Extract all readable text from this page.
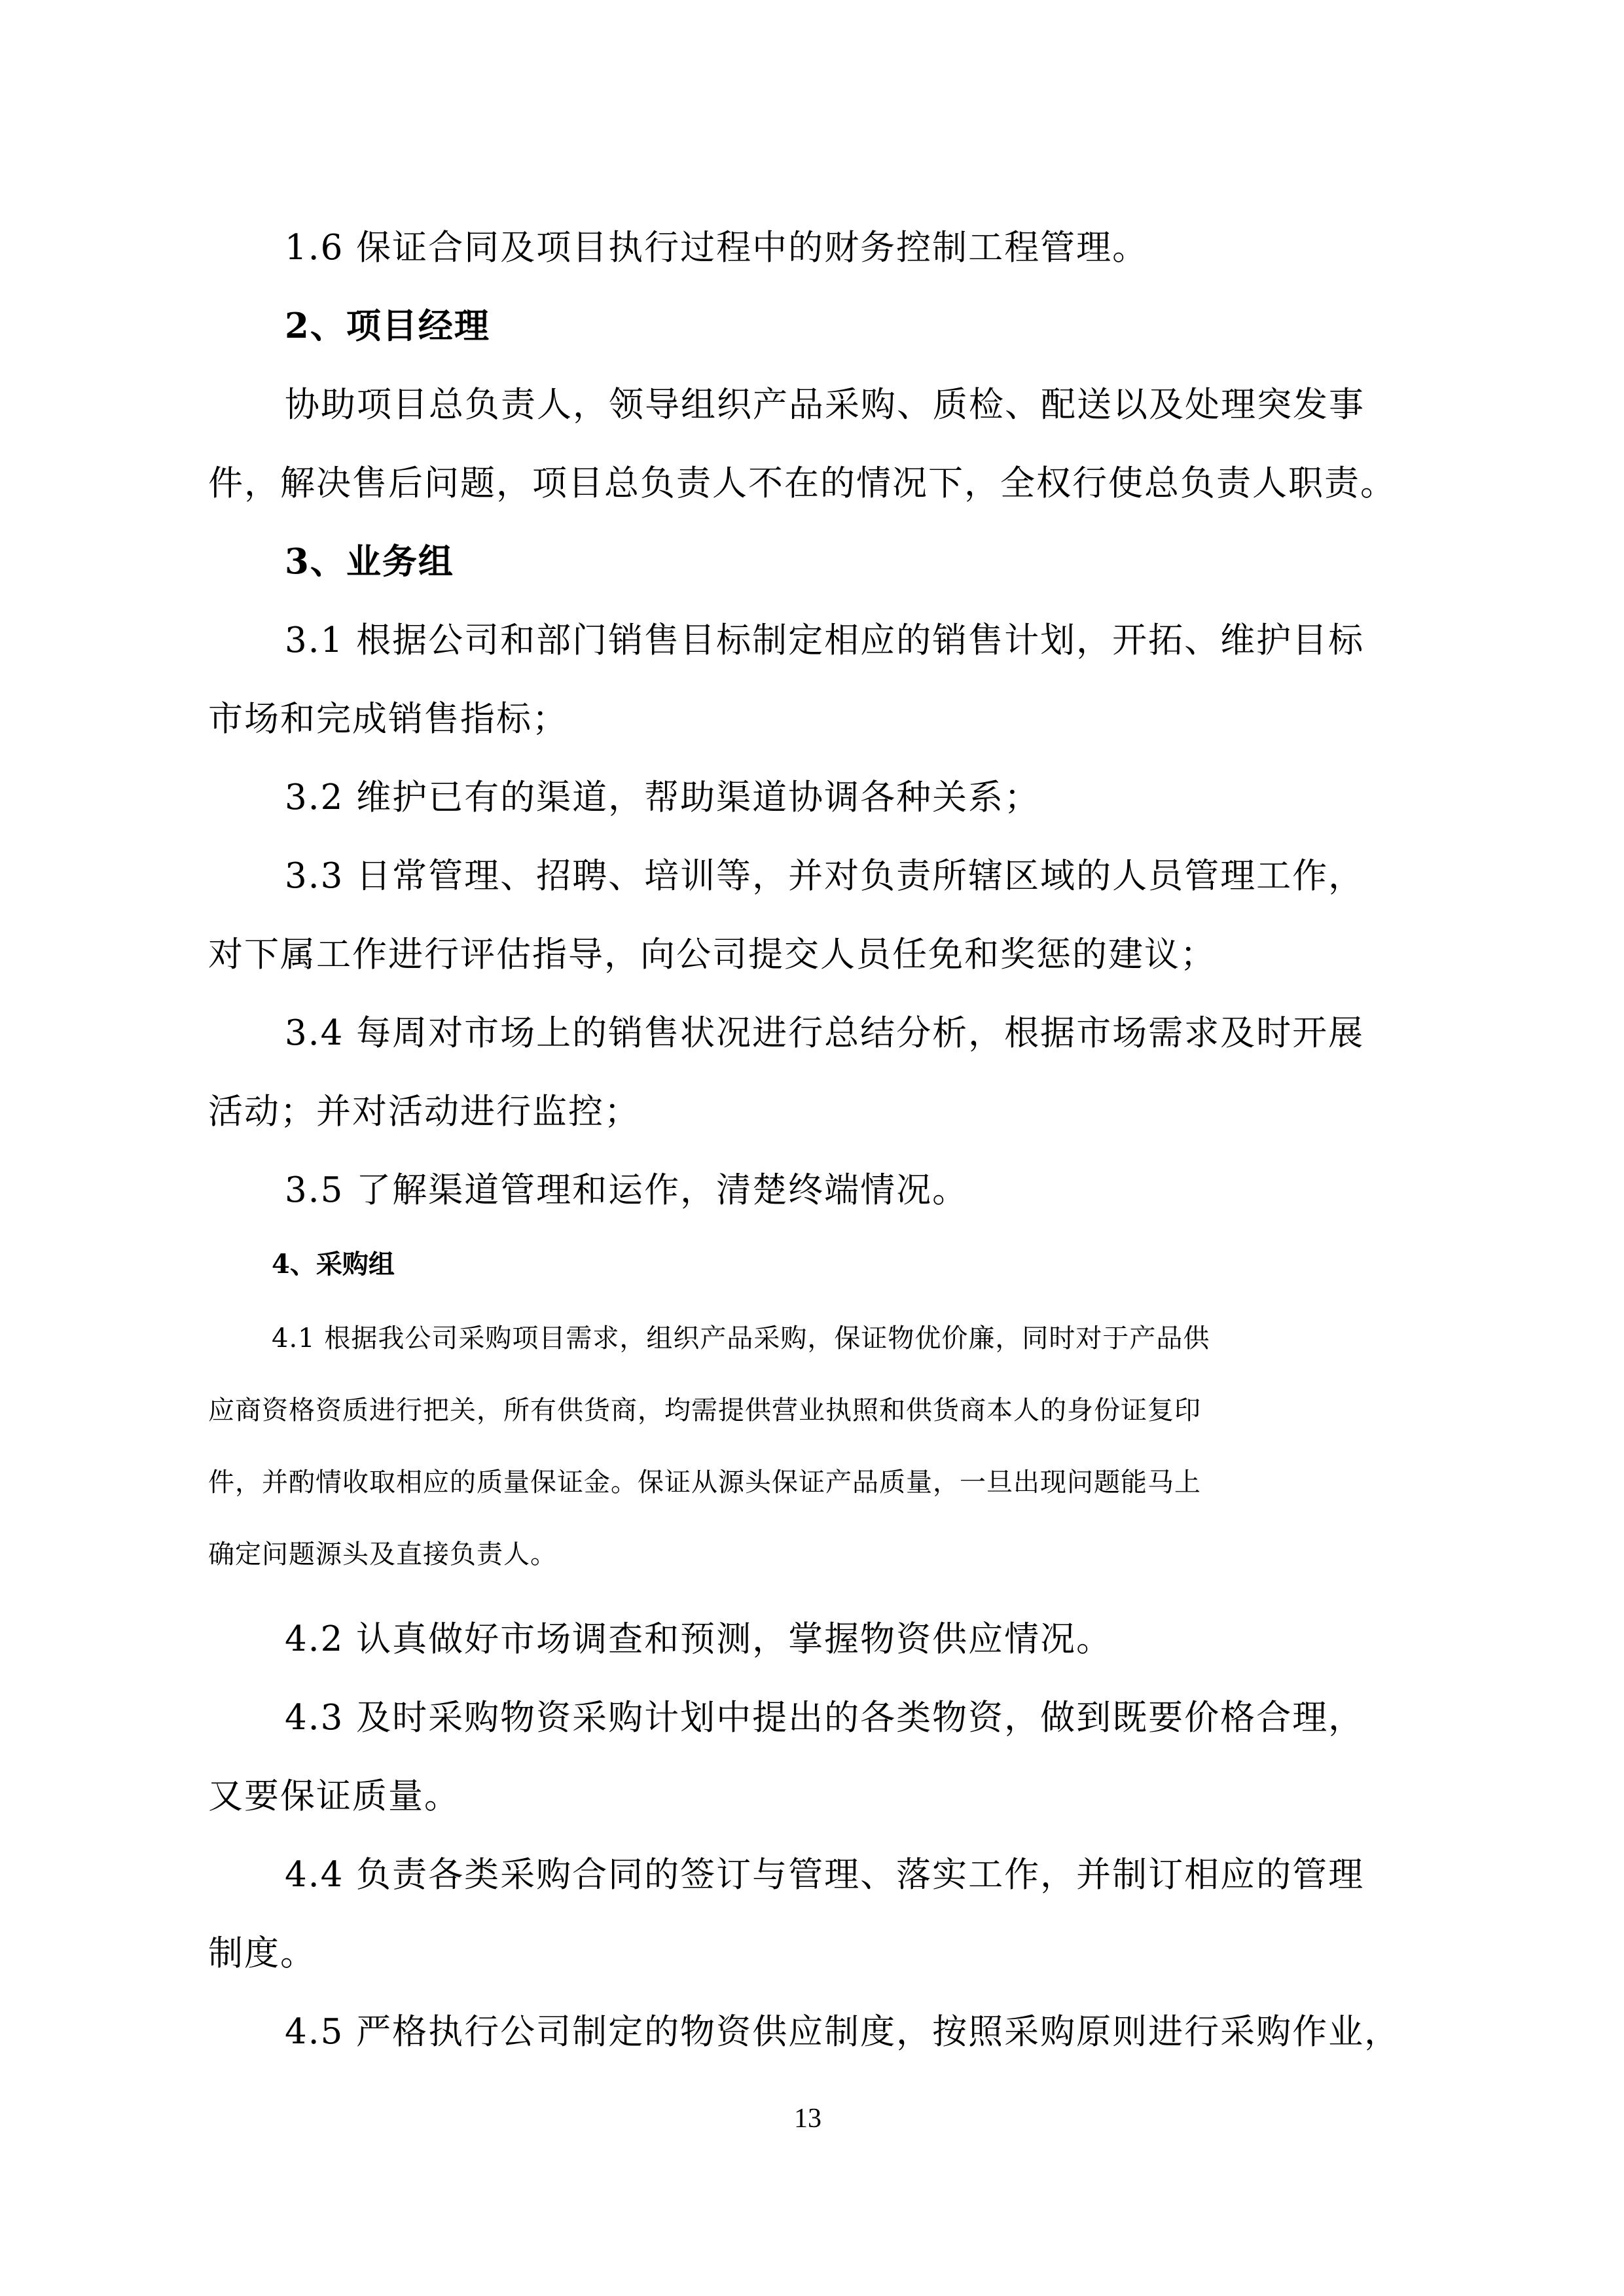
1.6 保证合同及项目执行过程中的财务控制工程管理。

2、项目经理

协助项目总负责人，领导组织产品采购、质检、配送以及处理突发事

件，解决售后问题，项目总负责人不在的情况下，全权行使总负责人职责。

3、业务组

3.1 根据公司和部门销售目标制定相应的销售计划，开拓、维护目标

市场和完成销售指标；

3.2 维护已有的渠道，帮助渠道协调各种关系；

3.3 日常管理、招聘、培训等，并对负责所辖区域的人员管理工作，

对下属工作进行评估指导，向公司提交人员任免和奖惩的建议；

3.4 每周对市场上的销售状况进行总结分析，根据市场需求及时开展

活动；并对活动进行监控；

3.5 了解渠道管理和运作，清楚终端情况。

4、采购组

4.1 根据我公司采购项目需求，组织产品采购，保证物优价廉，同时对于产品供

应商资格资质进行把关，所有供货商，均需提供营业执照和供货商本人的身份证复印

件，并酌情收取相应的质量保证金。保证从源头保证产品质量，一旦出现问题能马上

确定问题源头及直接负责人。

4.2 认真做好市场调查和预测，掌握物资供应情况。

4.3 及时采购物资采购计划中提出的各类物资，做到既要价格合理，

又要保证质量。

4.4 负责各类采购合同的签订与管理、落实工作，并制订相应的管理

制度。

4.5 严格执行公司制定的物资供应制度，按照采购原则进行采购作业，

13
